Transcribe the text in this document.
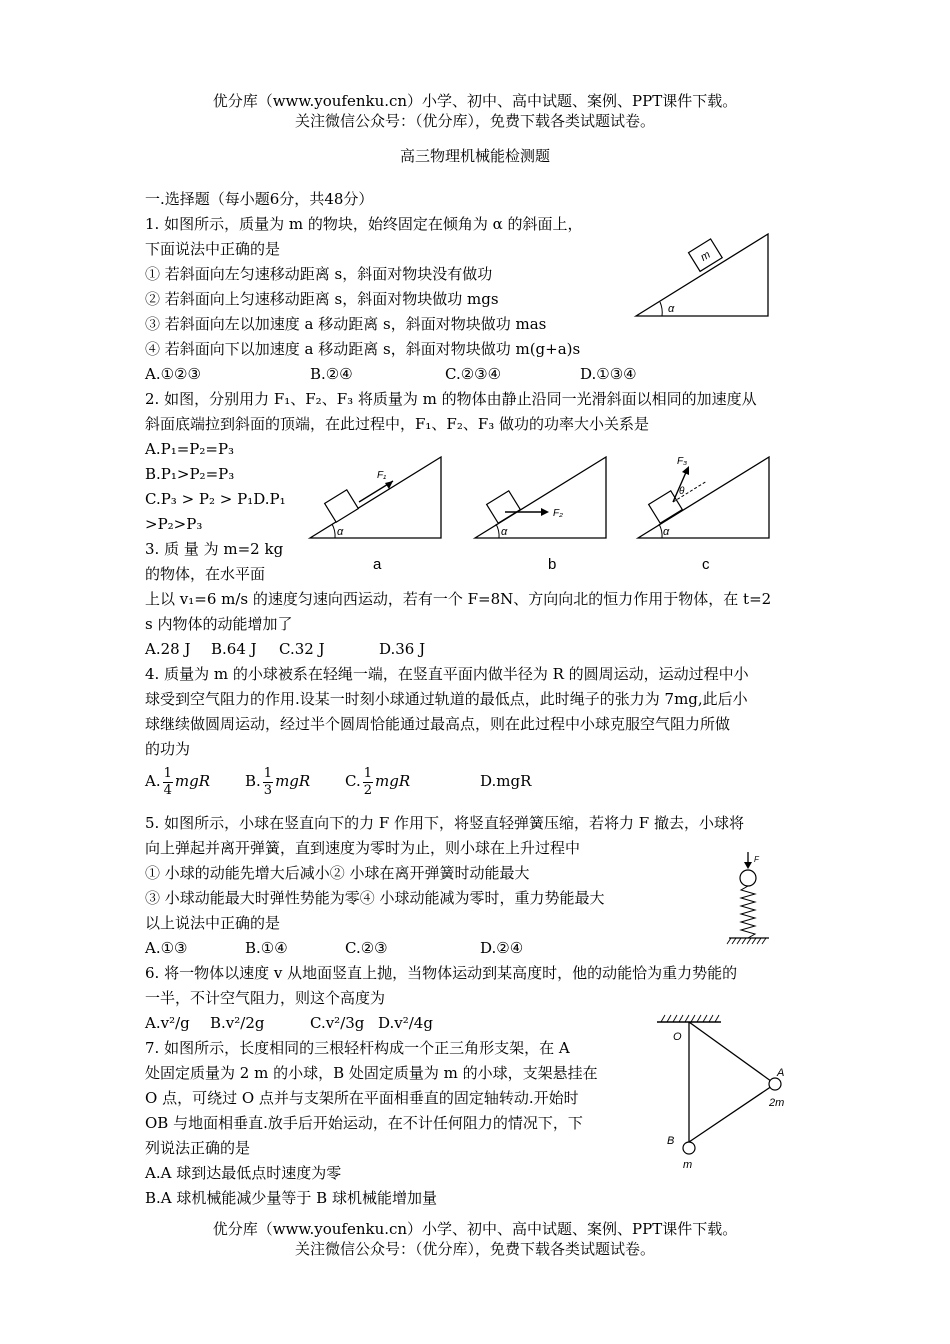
优分库（www.youfenku.cn）小学、初中、高中试题、案例、PPT课件下载。
关注微信公众号：（优分库），免费下载各类试题试卷。
高三物理机械能检测题
一.选择题（每小题6分，共48分）
1. 如图所示，质量为 m 的物块，始终固定在倾角为 α 的斜面上，
下面说法中正确的是
① 若斜面向左匀速移动距离 s，斜面对物块没有做功
② 若斜面向上匀速移动距离 s，斜面对物块做功 mgs
③ 若斜面向左以加速度 a 移动距离 s，斜面对物块做功 mas
④ 若斜面向下以加速度 a 移动距离 s，斜面对物块做功 m(g+a)s
A.①②③	B.②④	C.②③④	D.①③④
m
α
2. 如图，分别用力 F₁、F₂、F₃ 将质量为 m 的物体由静止沿同一光滑斜面以相同的加速度从
斜面底端拉到斜面的顶端，在此过程中，F₁、F₂、F₃ 做功的功率大小关系是
A.P₁=P₂=P₃
B.P₁>P₂=P₃
C.P₃ > P₂ > P₁D.P₁
>P₂>P₃
F₁
α
a
F₂
α
b
F₃
θ
α
c
3. 质 量 为 m=2 kg
的物体，在水平面
上以 v₁=6 m/s 的速度匀速向西运动，若有一个 F=8N、方向向北的恒力作用于物体，在 t=2
s 内物体的动能增加了
A.28 J B.64 J C.32 J	D.36 J
4. 质量为 m 的小球被系在轻绳一端，在竖直平面内做半径为 R 的圆周运动，运动过程中小
球受到空气阻力的作用.设某一时刻小球通过轨道的最低点，此时绳子的张力为 7mg,此后小
球继续做圆周运动，经过半个圆周恰能通过最高点，则在此过程中小球克服空气阻力所做
的功为
A. $\frac{1}{4}$ mgR B. $\frac{1}{3}$ mgR C. $\frac{1}{2}$ mgR	D.mgR
5. 如图所示，小球在竖直向下的力 F 作用下，将竖直轻弹簧压缩，若将力 F 撤去，小球将
向上弹起并离开弹簧，直到速度为零时为止，则小球在上升过程中
① 小球的动能先增大后减小② 小球在离开弹簧时动能最大
③ 小球动能最大时弹性势能为零④ 小球动能减为零时，重力势能最大
以上说法中正确的是
A.①③	B.①④	C.②③	D.②④
F
6. 将一物体以速度 v 从地面竖直上抛，当物体运动到某高度时，他的动能恰为重力势能的
一半，不计空气阻力，则这个高度为
A.v²/g B.v²/2g	C.v²/3g D.v²/4g
7. 如图所示，长度相同的三根轻杆构成一个正三角形支架，在 A
处固定质量为 2 m 的小球，B 处固定质量为 m 的小球，支架悬挂在
O 点，可绕过 O 点并与支架所在平面相垂直的固定轴转动.开始时
OB 与地面相垂直.放手后开始运动，在不计任何阻力的情况下，下
列说法正确的是
A.A 球到达最低点时速度为零
B.A 球机械能减少量等于 B 球机械能增加量
O
A
2m
B
m
优分库（www.youfenku.cn）小学、初中、高中试题、案例、PPT课件下载。
关注微信公众号：（优分库），免费下载各类试题试卷。
